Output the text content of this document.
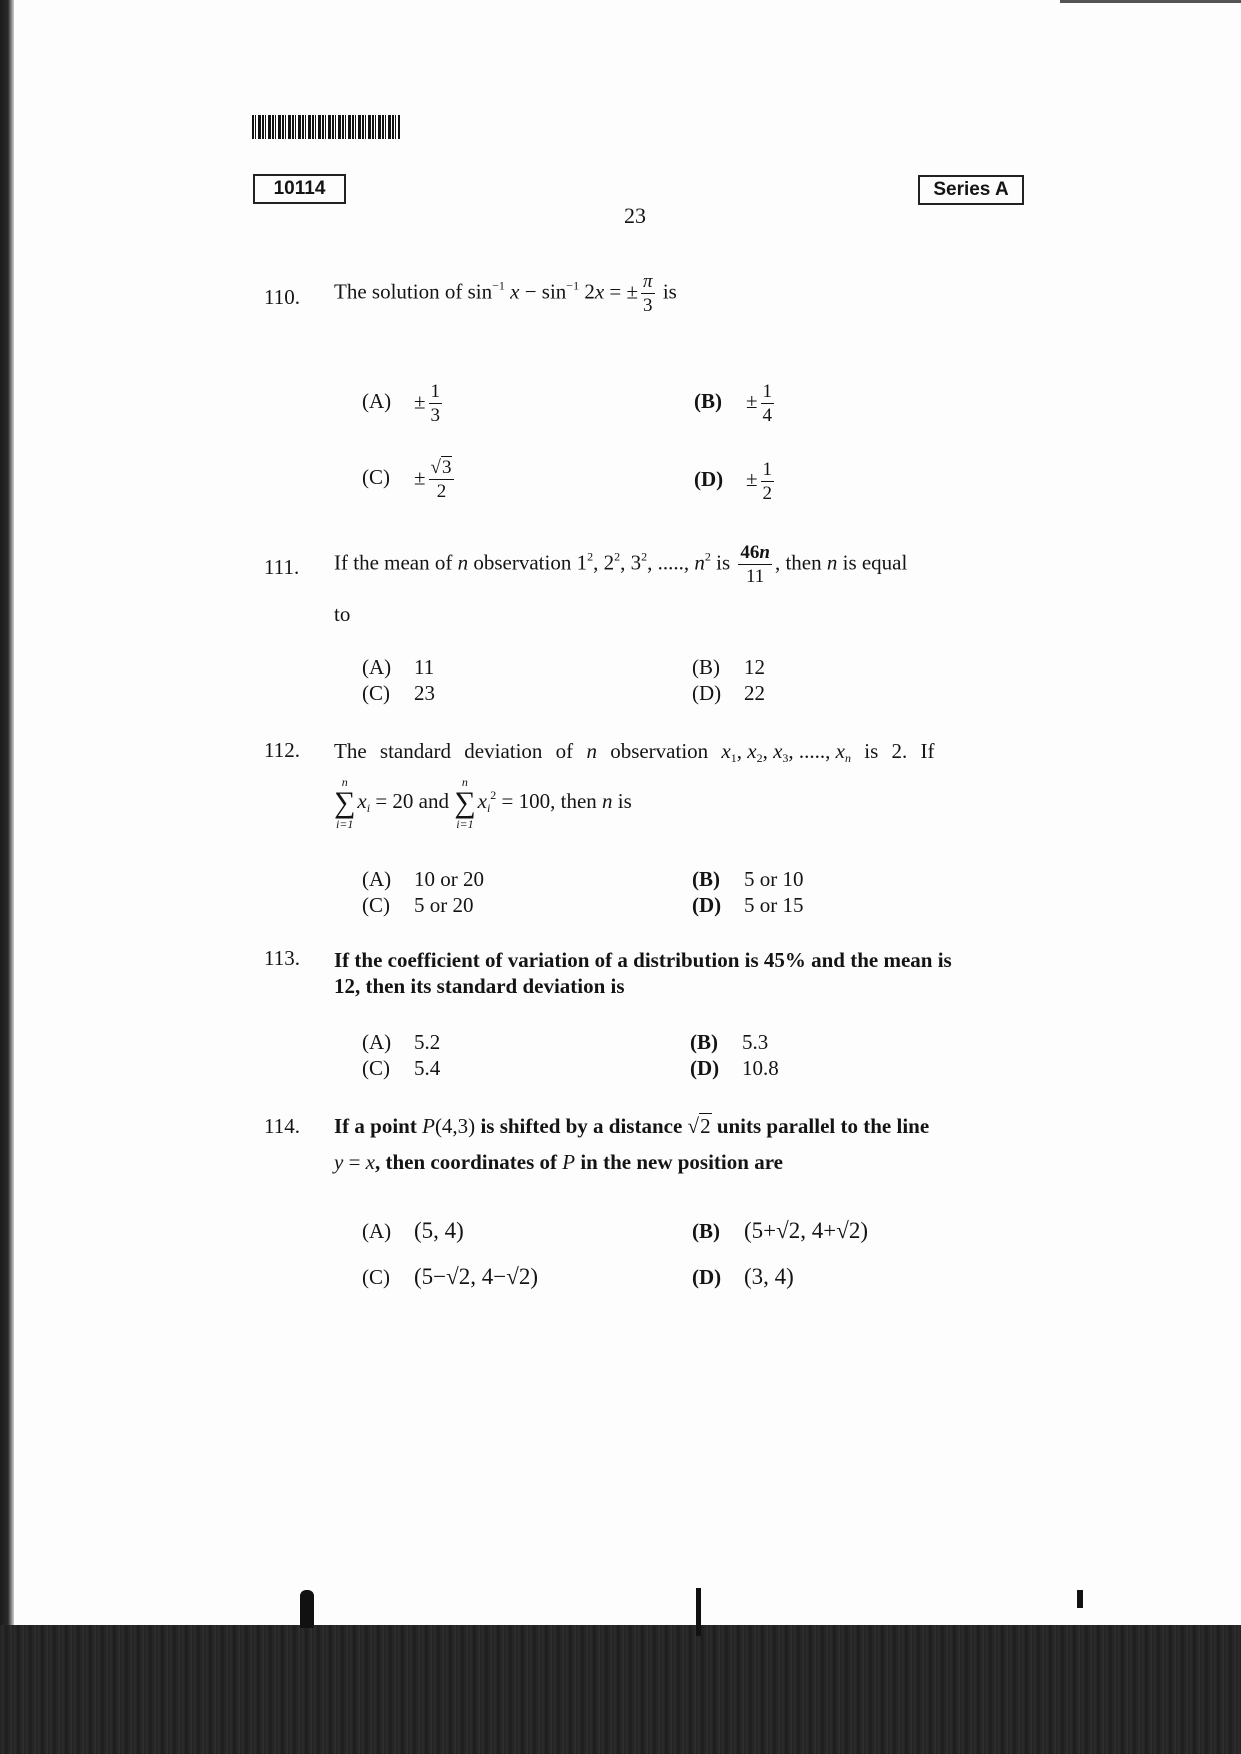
10114	Series A
23
110. The solution of $\sin^{-1} x - \sin^{-1} 2x$ = ± $\frac{\pi}{3}$ is
$(A) \pm \frac{1}{3}$	$(B) \pm \frac{1}{4}$
$(C) \pm \frac{√3}{2}$	$(D) \pm \frac{1}{2}$
111. If the mean of n observation $1^2$, $2^2$, $3^2$, ....., $n^2$ is $\frac{46n}{11}$ , then n is equal
to
(A) 11	(B) 12
(C) 23	(D) 22
112. The standard deviation of n observation $x_1$, $x_2$, $x_3$, ....., $x_n$ is 2. If
n
∑
i=1
$x_i = 20$ and
n
∑
i=1
$x_i^2 = 100$, then n is
(A) 10 or 20	(B) 5 or 10
(C) 5 or 20	(D) 5 or 15
113. If the coefficient of variation of a distribution is 45% and the mean is
12, then its standard deviation is
(A) 5.2	(B) 5.3
(C) 5.4	(D) 10.8
114. If a point P(4,3) is shifted by a distance √2 units parallel to the line
y = x, then coordinates of P in the new position are
(A) (5, 4)	(B) (5+√2, 4+√2)
(C) (5−√2, 4−√2)	(D) (3, 4)
